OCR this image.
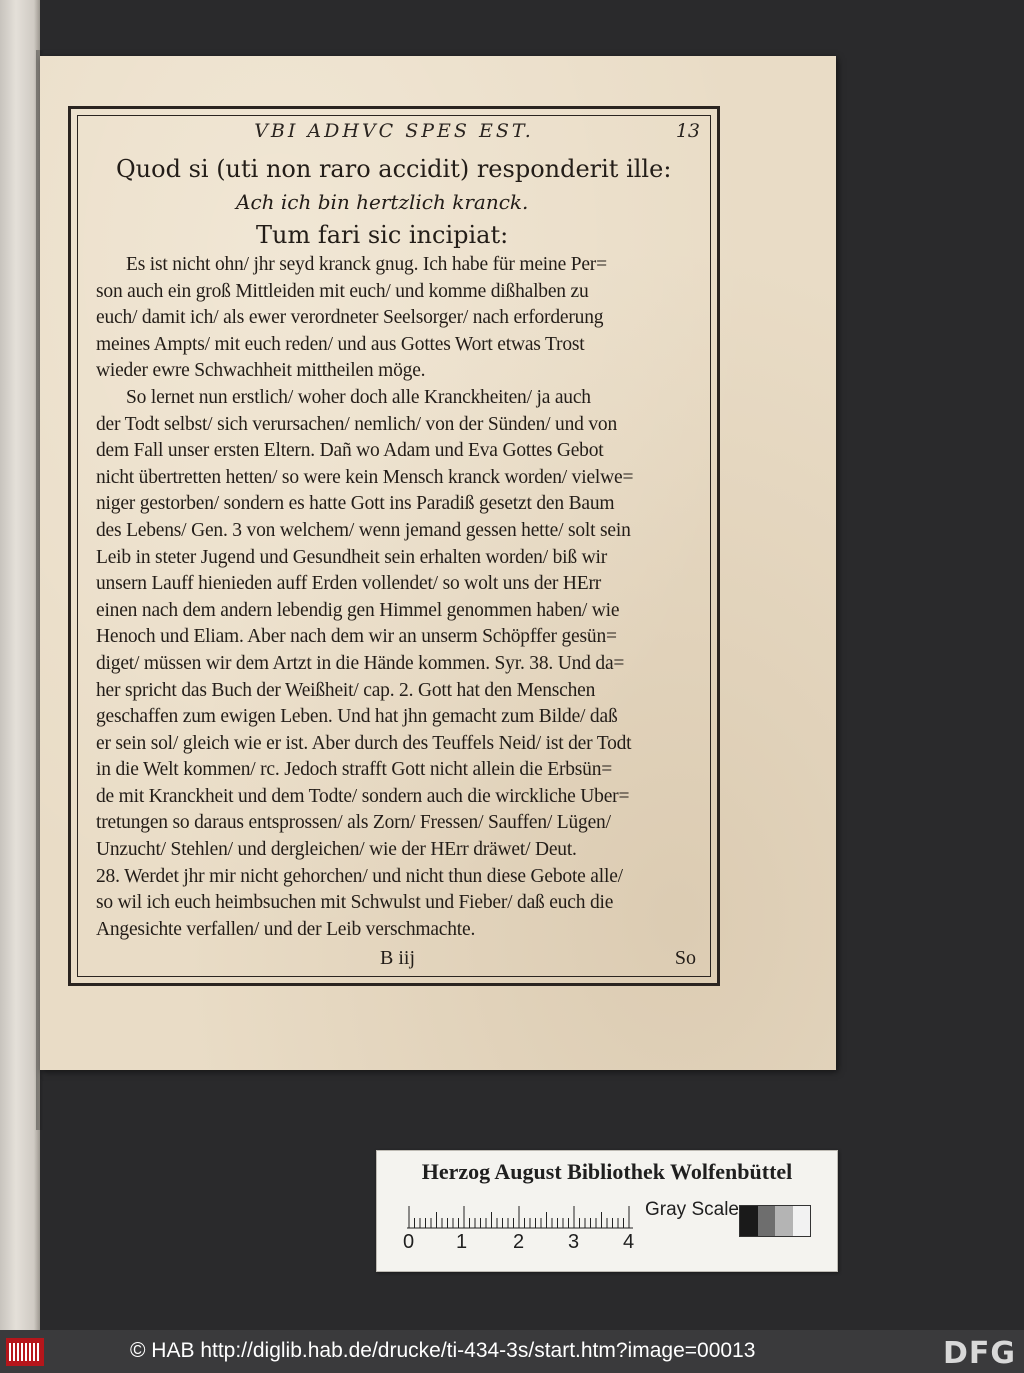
VBI ADHVC SPES EST.	13

Quod si (uti non raro accidit) responderit ille:

Ach ich bin hertzlich kranck.

Tum fari sic incipiat:

Es ist nicht ohn/ jhr seyd kranck gnug. Ich habe für meine Per=
son auch ein groß Mittleiden mit euch/ und komme dißhalben zu
euch/ damit ich/ als ewer verordneter Seelsorger/ nach erforderung
meines Ampts/ mit euch reden/ und aus Gottes Wort etwas Trost
wieder ewre Schwachheit mittheilen möge.
So lernet nun erstlich/ woher doch alle Kranckheiten/ ja auch
der Todt selbst/ sich verursachen/ nemlich/ von der Sünden/ und von
dem Fall unser ersten Eltern. Dañ wo Adam und Eva Gottes Gebot
nicht übertretten hetten/ so were kein Mensch kranck worden/ vielwe=
niger gestorben/ sondern es hatte Gott ins Paradiß gesetzt den Baum
des Lebens/ Gen. 3 von welchem/ wenn jemand gessen hette/ solt sein
Leib in steter Jugend und Gesundheit sein erhalten worden/ biß wir
unsern Lauff hienieden auff Erden vollendet/ so wolt uns der HErr
einen nach dem andern lebendig gen Himmel genommen haben/ wie
Henoch und Eliam. Aber nach dem wir an unserm Schöpffer gesün=
diget/ müssen wir dem Artzt in die Hände kommen. Syr. 38. Und da=
her spricht das Buch der Weißheit/ cap. 2. Gott hat den Menschen
geschaffen zum ewigen Leben. Und hat jhn gemacht zum Bilde/ daß
er sein sol/ gleich wie er ist. Aber durch des Teuffels Neid/ ist der Todt
in die Welt kommen/ rc. Jedoch strafft Gott nicht allein die Erbsün=
de mit Kranckheit und dem Todte/ sondern auch die wirckliche Uber=
tretungen so daraus entsprossen/ als Zorn/ Fressen/ Sauffen/ Lügen/
Unzucht/ Stehlen/ und dergleichen/ wie der HErr dräwet/ Deut.
28. Werdet jhr mir nicht gehorchen/ und nicht thun diese Gebote alle/
so wil ich euch heimbsuchen mit Schwulst und Fieber/ daß euch die
Angesichte verfallen/ und der Leib verschmachte.
B iij	So
Herzog August Bibliothek Wolfenbüttel
0 1 2 3 4
Gray Scale
© HAB http://diglib.hab.de/drucke/ti-434-3s/start.htm?image=00013	DFG
